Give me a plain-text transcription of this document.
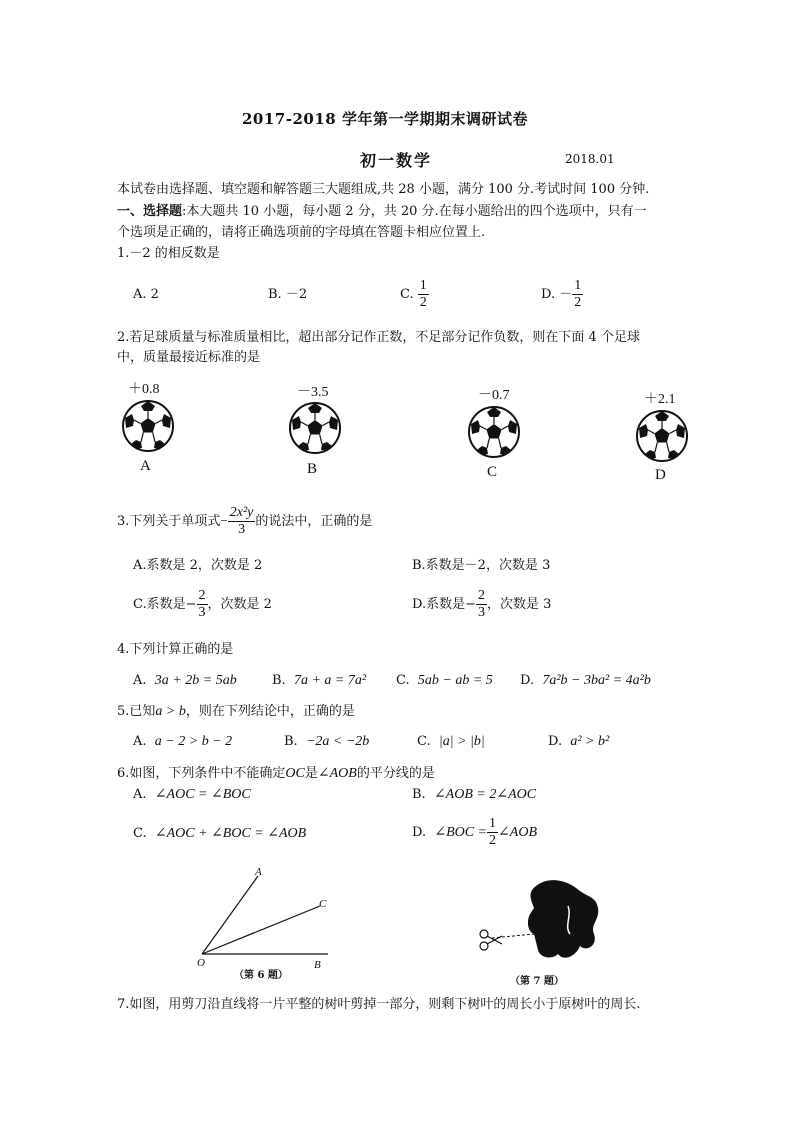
2017-2018 学年第一学期期末调研试卷
初一数学	2018.01
本试卷由选择题、填空题和解答题三大题组成,共 28 小题，满分 100 分.考试时间 100 分钟.
一、选择题:本大题共 10 小题，每小题 2 分，共 20 分.在每小题给出的四个选项中，只有一
个选项是正确的，请将正确选项前的字母填在答题卡相应位置上.
1.－2 的相反数是
A. 2	B. －2	C. $\frac{1}{2}$	D. － $\frac{1}{2}$
2.若足球质量与标准质量相比，超出部分记作正数，不足部分记作负数，则在下面 4 个足球
中，质量最接近标准的是
＋0.8
A
－3.5
B
－0.7
C
＋2.1
D
3.下列关于单项式− $\frac{\text{2x²y}}{3}$ 的说法中，正确的是
A.系数是 2，次数是 2	B.系数是－2，次数是 3
C.系数是− $\frac{2}{3}$ ，次数是 2	D.系数是− $\frac{2}{3}$ ，次数是 3
4.下列计算正确的是
A. 3a + 2b = 5ab	B. 7a + a = 7a² C. 5ab − ab = 5 D. 7a²b − 3ba² = 4a²b
5.已知a > b，则在下列结论中，正确的是
A. a − 2 > b − 2	B. −2a < −2b	C. |a| > |b|	D. a² > b²
6.如图，下列条件中不能确定OC是∠AOB的平分线的是
A. ∠AOC = ∠BOC	B. ∠AOB = 2∠AOC
C. ∠AOC + ∠BOC = ∠AOB	D. ∠BOC = $\frac{1}{2}$ ∠AOB
A
C
O	B
（第 6 题）
（第 7 题）
7.如图，用剪刀沿直线将一片平整的树叶剪掉一部分，则剩下树叶的周长小于原树叶的周长.
